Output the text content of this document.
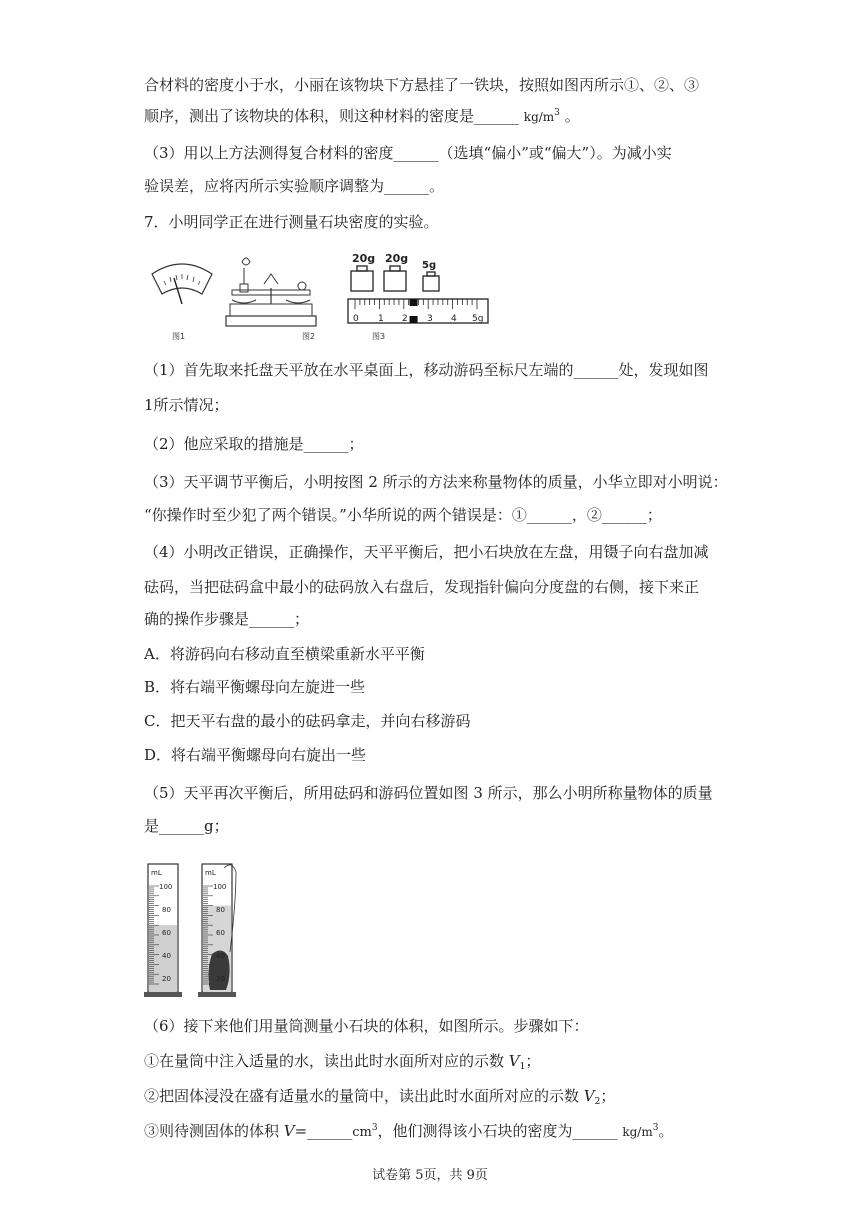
合材料的密度小于水，小丽在该物块下方悬挂了一铁块，按照如图丙所示①、②、③
顺序，测出了该物块的体积，则这种材料的密度是______ $kg/m^3$ 。
（3）用以上方法测得复合材料的密度______（选填“偏小”或“偏大”）。为减小实
验误差，应将丙所示实验顺序调整为______。
7．小明同学正在进行测量石块密度的实验。
图1	图2
20g 20g
5g
0 1 2 3 4 5g
图3
（1）首先取来托盘天平放在水平桌面上，移动游码至标尺左端的______处，发现如图
1所示情况；
（2）他应采取的措施是______；
（3）天平调节平衡后，小明按图 2 所示的方法来称量物体的质量，小华立即对小明说：
“你操作时至少犯了两个错误。”小华所说的两个错误是：①______，②______；
（4）小明改正错误，正确操作，天平平衡后，把小石块放在左盘，用镊子向右盘加减
砝码，当把砝码盒中最小的砝码放入右盘后，发现指针偏向分度盘的右侧，接下来正
确的操作步骤是______；
A．将游码向右移动直至横梁重新水平平衡
B．将右端平衡螺母向左旋进一些
C．把天平右盘的最小的砝码拿走，并向右移游码
D．将右端平衡螺母向右旋出一些
（5）天平再次平衡后，所用砝码和游码位置如图 3 所示，那么小明所称量物体的质量
是______g；
mL
100
80
60
40
20
mL
100
80
60
40
20
（6）接下来他们用量筒测量小石块的体积，如图所示。步骤如下：
①在量筒中注入适量的水，读出此时水面所对应的示数 $V_1$；
②把固体浸没在盛有适量水的量筒中，读出此时水面所对应的示数 $V_2$；
③则待测固体的体积 $V=\_\_\_\_\_\_cm^3$，他们测得该小石块的密度为______ $kg/m^3$。
试卷第 5页，共 9页
